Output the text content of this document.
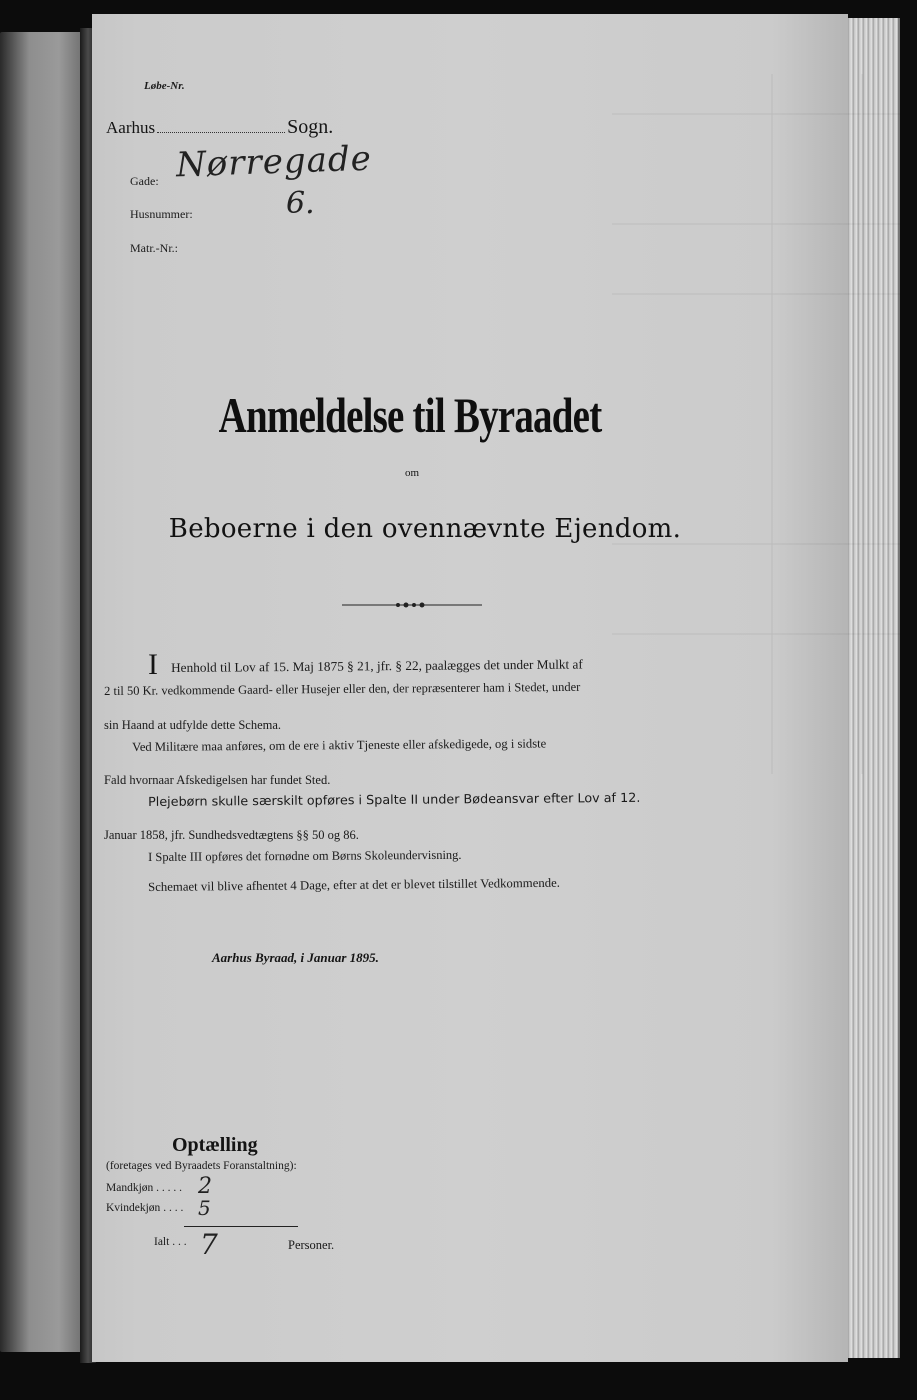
Løbe-Nr.
Aarhus	Sogn.
Gade: Nørregade
Husnummer:	6.
Matr.-Nr.:
Anmeldelse til Byraadet
om
Beboerne i den ovennævnte Ejendom.
I Henhold til Lov af 15. Maj 1875 § 21, jfr. § 22, paalægges det under Mulkt af
2 til 50 Kr. vedkommende Gaard- eller Husejer eller den, der repræsenterer ham i Stedet, under
sin Haand at udfylde dette Schema.
Ved Militære maa anføres, om de ere i aktiv Tjeneste eller afskedigede, og i sidste
Fald hvornaar Afskedigelsen har fundet Sted.
Plejebørn skulle særskilt opføres i Spalte II under Bødeansvar efter Lov af 12.
Januar 1858, jfr. Sundhedsvedtægtens §§ 50 og 86.
I Spalte III opføres det fornødne om Børns Skoleundervisning.
Schemaet vil blive afhentet 4 Dage, efter at det er blevet tilstillet Vedkommende.
Aarhus Byraad, i Januar 1895.
Optælling
(foretages ved Byraadets Foranstaltning):
Mandkjøn . . . . . 2
Kvindekjøn . . . . 5
Ialt . . . 7	Personer.
